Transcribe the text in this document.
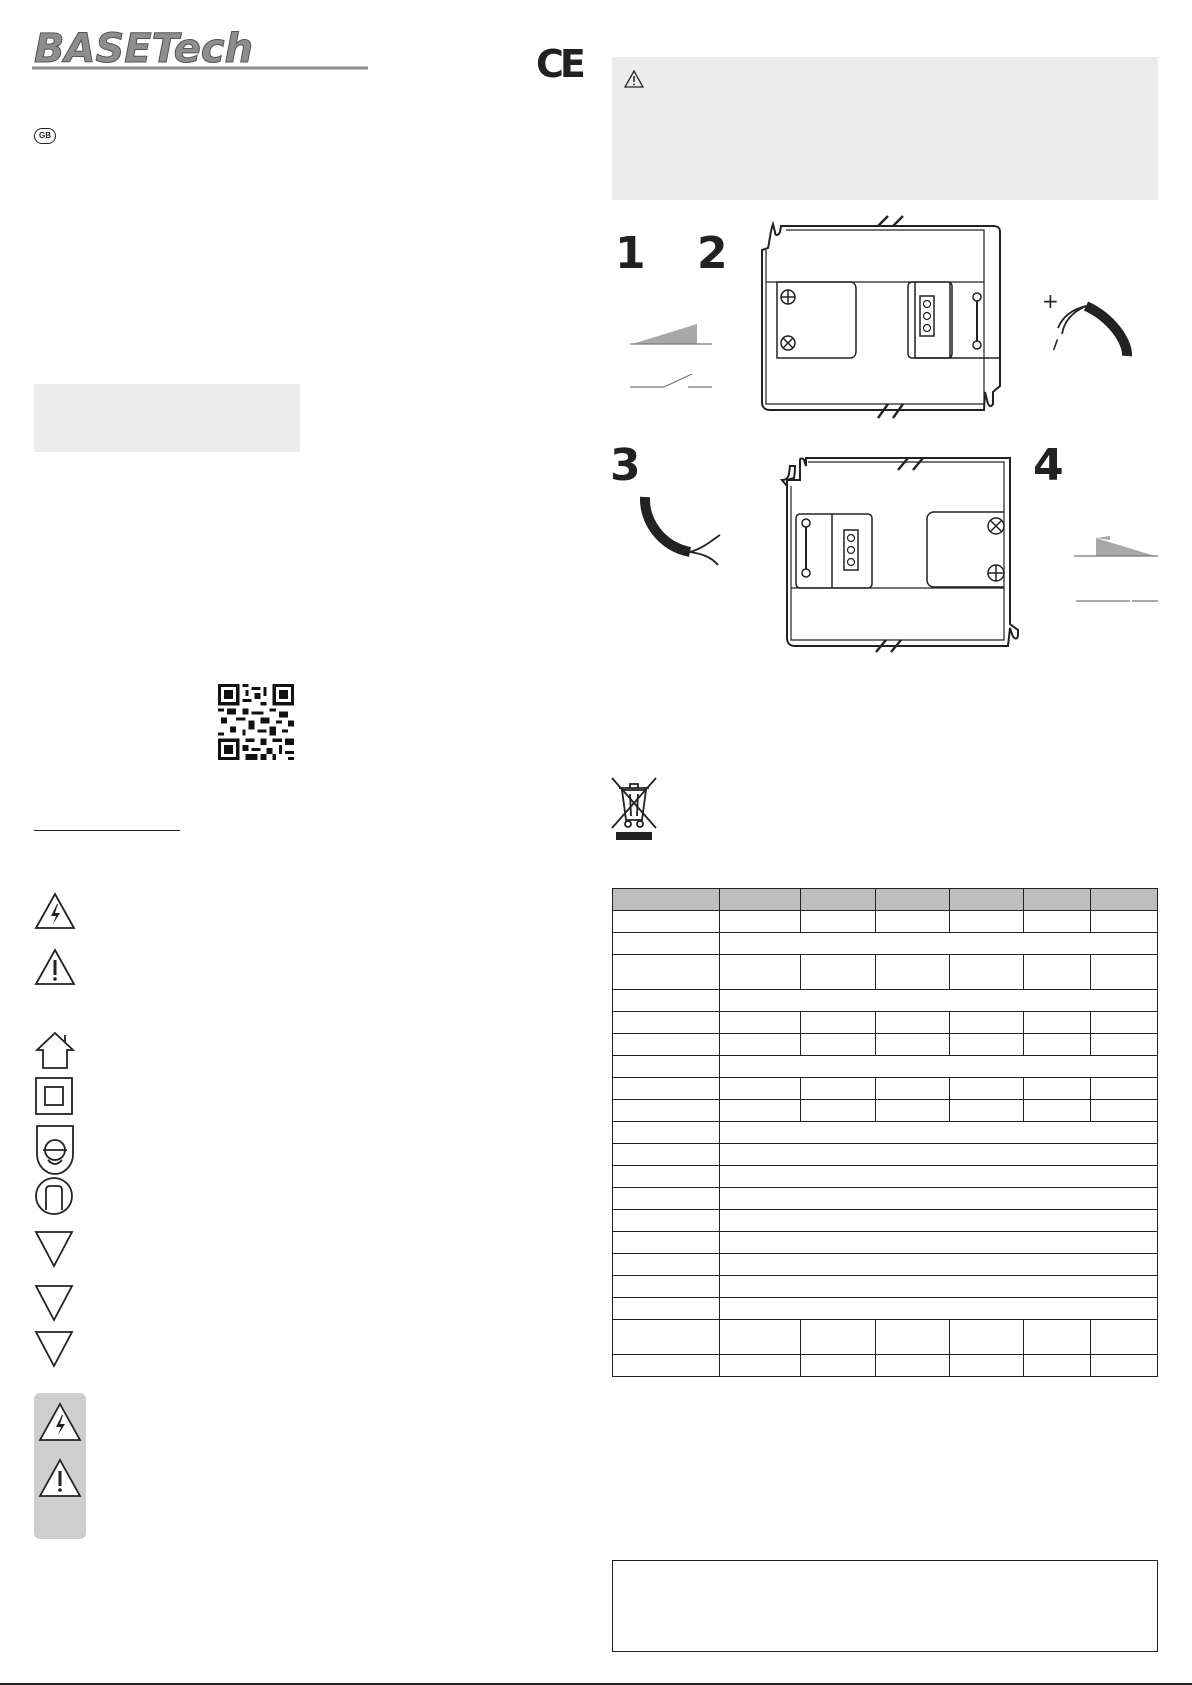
BASETech	CE
GB
1 2
3	4
+
−
